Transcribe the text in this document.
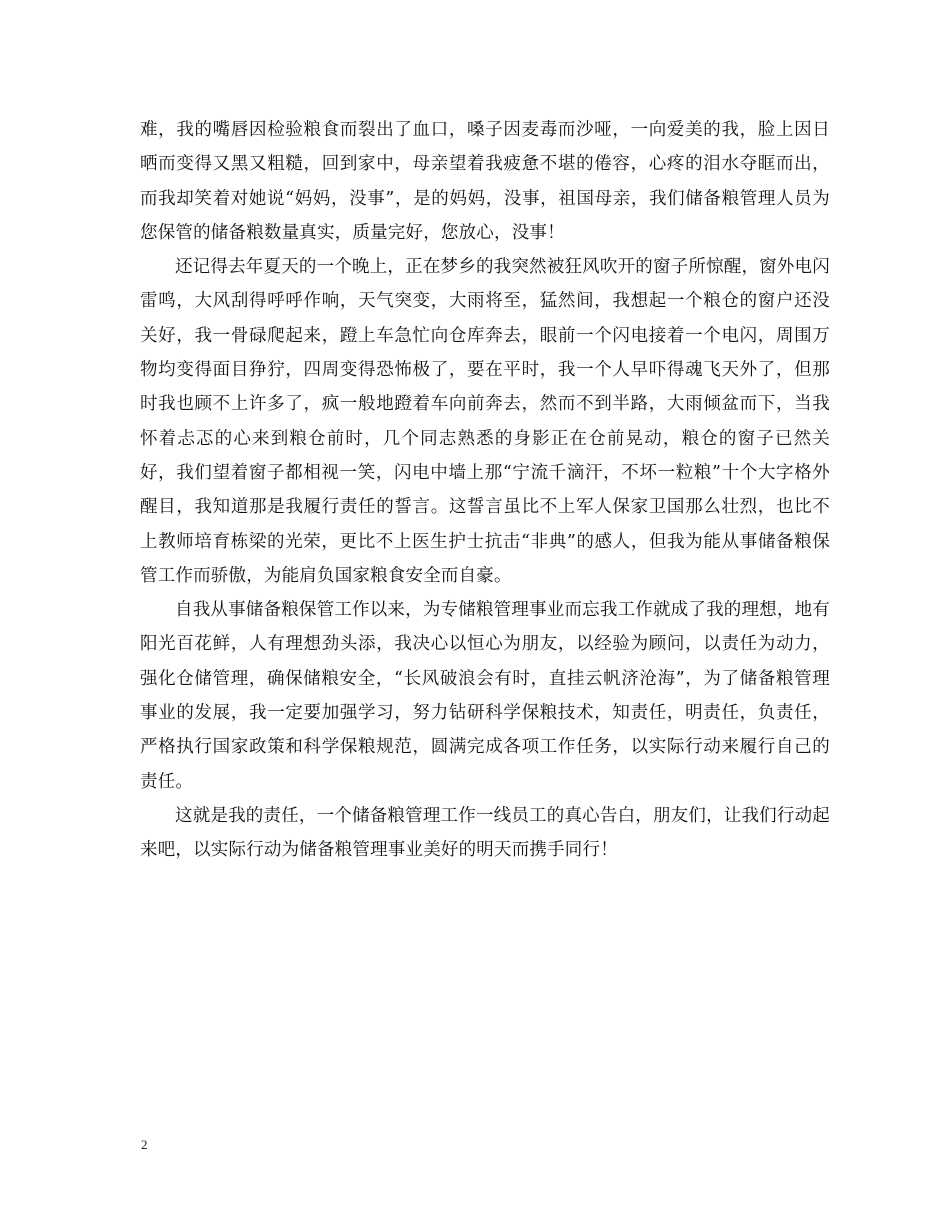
难，我的嘴唇因检验粮食而裂出了血口，嗓子因麦毒而沙哑，一向爱美的我，脸上因日晒而变得又黑又粗糙，回到家中，母亲望着我疲惫不堪的倦容，心疼的泪水夺眶而出，而我却笑着对她说“妈妈，没事”，是的妈妈，没事，祖国母亲，我们储备粮管理人员为您保管的储备粮数量真实，质量完好，您放心，没事！

还记得去年夏天的一个晚上，正在梦乡的我突然被狂风吹开的窗子所惊醒，窗外电闪雷鸣，大风刮得呼呼作响，天气突变，大雨将至，猛然间，我想起一个粮仓的窗户还没关好，我一骨碌爬起来，蹬上车急忙向仓库奔去，眼前一个闪电接着一个电闪，周围万物均变得面目狰狞，四周变得恐怖极了，要在平时，我一个人早吓得魂飞天外了，但那时我也顾不上许多了，疯一般地蹬着车向前奔去，然而不到半路，大雨倾盆而下，当我怀着忐忑的心来到粮仓前时，几个同志熟悉的身影正在仓前晃动，粮仓的窗子已然关好，我们望着窗子都相视一笑，闪电中墙上那“宁流千滴汗，不坏一粒粮”十个大字格外醒目，我知道那是我履行责任的誓言。这誓言虽比不上军人保家卫国那么壮烈，也比不上教师培育栋梁的光荣，更比不上医生护士抗击“非典”的感人，但我为能从事储备粮保管工作而骄傲，为能肩负国家粮食安全而自豪。

自我从事储备粮保管工作以来，为专储粮管理事业而忘我工作就成了我的理想，地有阳光百花鲜，人有理想劲头添，我决心以恒心为朋友，以经验为顾问，以责任为动力，强化仓储管理，确保储粮安全，“长风破浪会有时，直挂云帆济沧海”，为了储备粮管理事业的发展，我一定要加强学习，努力钻研科学保粮技术，知责任，明责任，负责任，严格执行国家政策和科学保粮规范，圆满完成各项工作任务，以实际行动来履行自己的责任。

这就是我的责任，一个储备粮管理工作一线员工的真心告白，朋友们，让我们行动起来吧，以实际行动为储备粮管理事业美好的明天而携手同行！

2
